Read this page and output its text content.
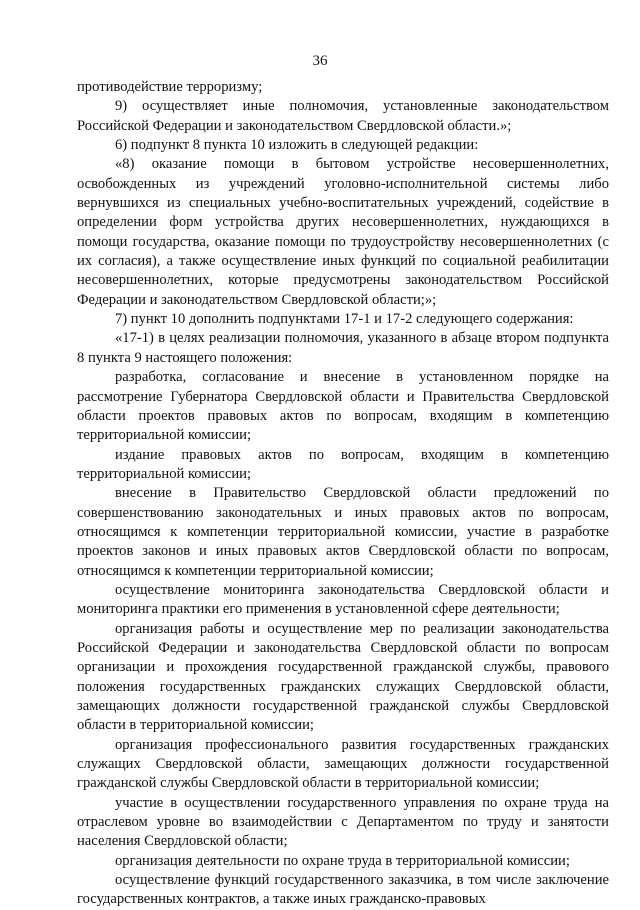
36

противодействие терроризму;

9) осуществляет иные полномочия, установленные законодательством Российской Федерации и законодательством Свердловской области.»;

6) подпункт 8 пункта 10 изложить в следующей редакции:

«8) оказание помощи в бытовом устройстве несовершеннолетних, освобожденных из учреждений уголовно-исполнительной системы либо вернувшихся из специальных учебно-воспитательных учреждений, содействие в определении форм устройства других несовершеннолетних, нуждающихся в помощи государства, оказание помощи по трудоустройству несовершеннолетних (с их согласия), а также осуществление иных функций по социальной реабилитации несовершеннолетних, которые предусмотрены законодательством Российской Федерации и законодательством Свердловской области;»;

7) пункт 10 дополнить подпунктами 17-1 и 17-2 следующего содержания:

«17-1) в целях реализации полномочия, указанного в абзаце втором подпункта 8 пункта 9 настоящего положения:

разработка, согласование и внесение в установленном порядке на рассмотрение Губернатора Свердловской области и Правительства Свердловской области проектов правовых актов по вопросам, входящим в компетенцию территориальной комиссии;

издание правовых актов по вопросам, входящим в компетенцию территориальной комиссии;

внесение в Правительство Свердловской области предложений по совершенствованию законодательных и иных правовых актов по вопросам, относящимся к компетенции территориальной комиссии, участие в разработке проектов законов и иных правовых актов Свердловской области по вопросам, относящимся к компетенции территориальной комиссии;

осуществление мониторинга законодательства Свердловской области и мониторинга практики его применения в установленной сфере деятельности;

организация работы и осуществление мер по реализации законодательства Российской Федерации и законодательства Свердловской области по вопросам организации и прохождения государственной гражданской службы, правового положения государственных гражданских служащих Свердловской области, замещающих должности государственной гражданской службы Свердловской области в территориальной комиссии;

организация профессионального развития государственных гражданских служащих Свердловской области, замещающих должности государственной гражданской службы Свердловской области в территориальной комиссии;

участие в осуществлении государственного управления по охране труда на отраслевом уровне во взаимодействии с Департаментом по труду и занятости населения Свердловской области;

организация деятельности по охране труда в территориальной комиссии;

осуществление функций государственного заказчика, в том числе заключение государственных контрактов, а также иных гражданско-правовых
